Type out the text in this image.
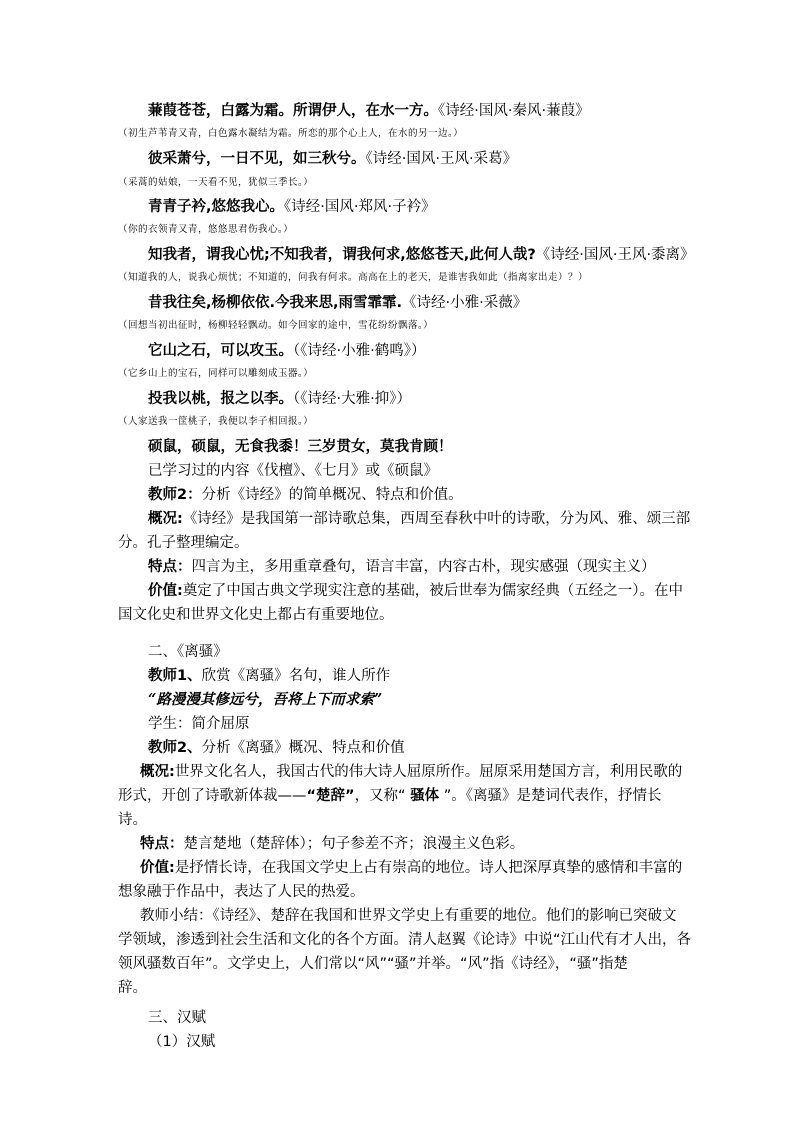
蒹葭苍苍，白露为霜。所谓伊人，在水一方。《诗经·国风·秦风·蒹葭》
（初生芦苇青又青，白色露水凝结为霜。所恋的那个心上人，在水的另一边。）
彼采萧兮，一日不见，如三秋兮。《诗经·国风·王风·采葛》
（采蒿的姑娘，一天看不见，犹似三季长。）
青青子衿,悠悠我心。《诗经·国风·郑风·子衿》
（你的衣领青又青，悠悠思君伤我心。）
知我者，谓我心忧;不知我者，谓我何求,悠悠苍天,此何人哉?《诗经·国风·王风·黍离》
（知道我的人，说我心烦忧；不知道的，问我有何求。高高在上的老天，是谁害我如此（指离家出走）？）
昔我往矣,杨柳依依.今我来思,雨雪霏霏.《诗经·小雅·采薇》
（回想当初出征时，杨柳轻轻飘动。如今回家的途中，雪花纷纷飘落。）
它山之石，可以攻玉。（《诗经·小雅·鹤鸣》）
（它乡山上的宝石，同样可以雕刻成玉器。）
投我以桃，报之以李。（《诗经·大雅·抑》）
（人家送我一筐桃子，我便以李子相回报。）
硕鼠，硕鼠，无食我黍！三岁贯女，莫我肯顾！
已学习过的内容《伐檀》、《七月》或《硕鼠》
教师2：分析《诗经》的简单概况、特点和价值。
概况:《诗经》是我国第一部诗歌总集，西周至春秋中叶的诗歌，分为风、雅、颂三部
分。孔子整理编定。
特点：四言为主，多用重章叠句，语言丰富，内容古朴，现实感强（现实主义）
价值:奠定了中国古典文学现实注意的基础，被后世奉为儒家经典（五经之一）。在中
国文化史和世界文化史上都占有重要地位。
二、《离骚》
教师1、欣赏《离骚》名句，谁人所作
“路漫漫其修远兮，吾将上下而求索”
学生：简介屈原
教师2、分析《离骚》概况、特点和价值
概况:世界文化名人，我国古代的伟大诗人屈原所作。屈原采用楚国方言，利用民歌的
形式，开创了诗歌新体裁——“楚辞”，又称“ 骚体 ”。《离骚》是楚词代表作，抒情长
诗。
特点：楚言楚地（楚辞体）；句子参差不齐；浪漫主义色彩。
价值:是抒情长诗，在我国文学史上占有崇高的地位。诗人把深厚真挚的感情和丰富的
想象融于作品中，表达了人民的热爱。
教师小结：《诗经》、楚辞在我国和世界文学史上有重要的地位。他们的影响已突破文
学领域，渗透到社会生活和文化的各个方面。清人赵翼《论诗》中说“江山代有才人出，各
领风骚数百年”。文学史上，人们常以“风”“骚”并举。“风”指《诗经》，“骚”指楚
辞。
三、汉赋
（1）汉赋
